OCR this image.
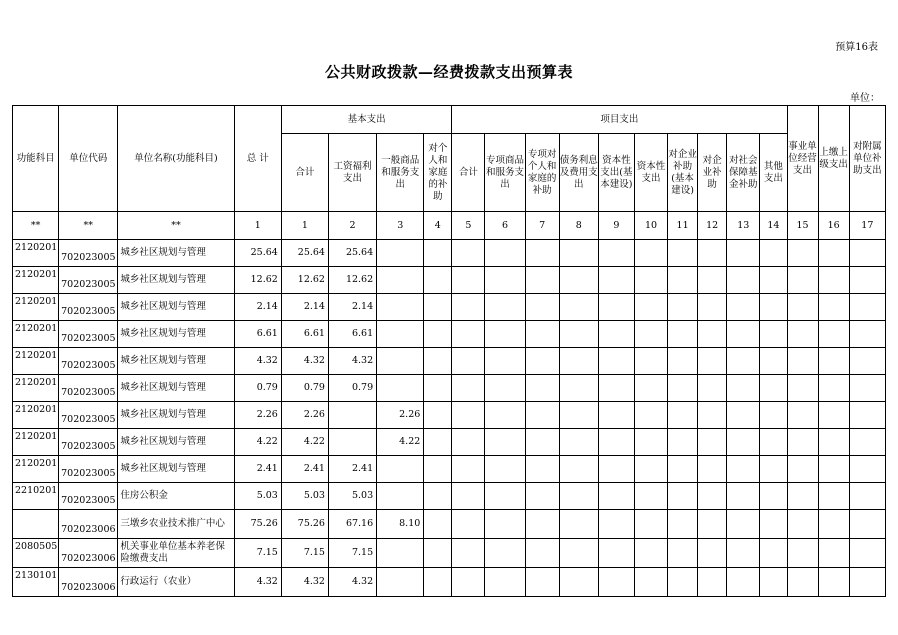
预算16表
公共财政拨款—经费拨款支出预算表
单位：
功能科目	单位代码	单位名称(功能科目)	总 计	基本支出				项目支出										事业单位经营支出	上缴上级支出	对附属单位补助支出
				合计	工资福利支出	一般商品和服务支出	对个人和家庭的补助	合计	专项商品和服务支出	专项对个人和家庭的补助	债务利息及费用支出	资本性支出(基本建设)	资本性支出	对企业补助(基本建设)	对企业补助	对社会保障基金补助	其他支出			
**	**	**	1	1	2	3	4	5	6	7	8	9	10	11	12	13	14	15	16	17
2120201	702023005	城乡社区规划与管理	25.64	25.64	25.64															
2120201	702023005	城乡社区规划与管理	12.62	12.62	12.62															
2120201	702023005	城乡社区规划与管理	2.14	2.14	2.14															
2120201	702023005	城乡社区规划与管理	6.61	6.61	6.61															
2120201	702023005	城乡社区规划与管理	4.32	4.32	4.32															
2120201	702023005	城乡社区规划与管理	0.79	0.79	0.79															
2120201	702023005	城乡社区规划与管理	2.26	2.26		2.26														
2120201	702023005	城乡社区规划与管理	4.22	4.22		4.22														
2120201	702023005	城乡社区规划与管理	2.41	2.41	2.41															
2210201	702023005	住房公积金	5.03	5.03	5.03															
	702023006	三墩乡农业技术推广中心	75.26	75.26	67.16	8.10														
2080505	702023006	机关事业单位基本养老保险缴费支出	7.15	7.15	7.15															
2130101	702023006	行政运行（农业）	4.32	4.32	4.32															
